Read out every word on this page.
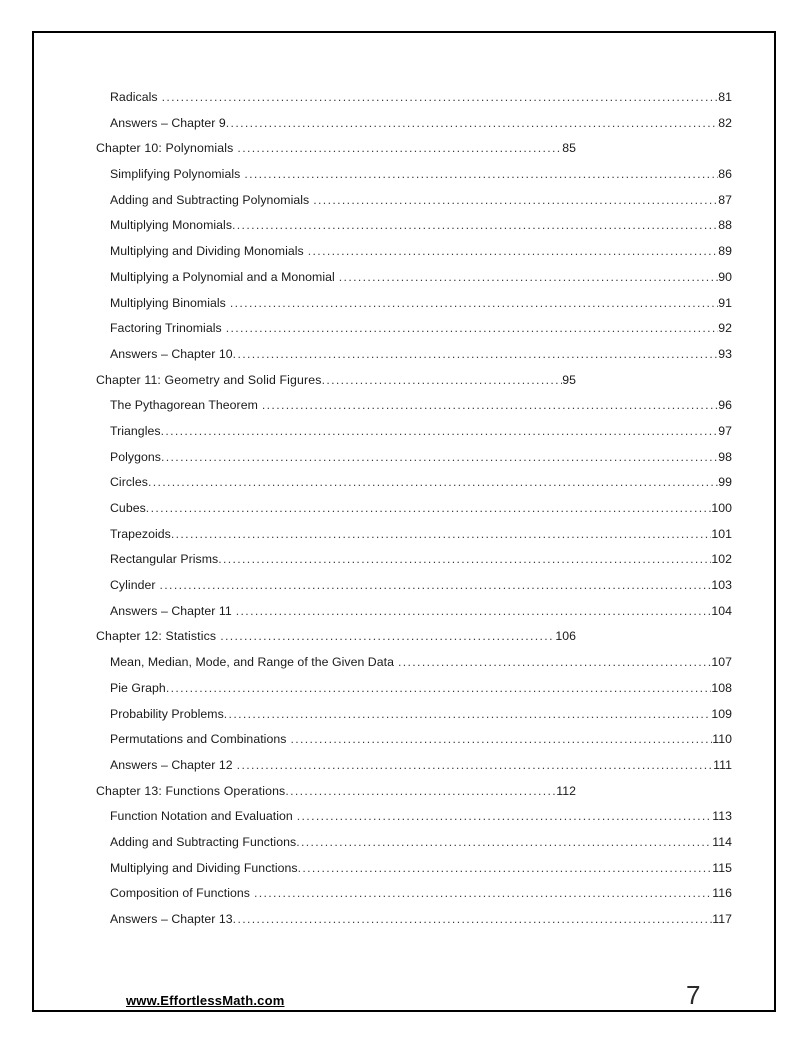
Radicals .....	81
Answers – Chapter 9 .....	82
Chapter 10: Polynomials .....	85
Simplifying Polynomials .....	86
Adding and Subtracting Polynomials .....	87
Multiplying Monomials .....	88
Multiplying and Dividing Monomials .....	89
Multiplying a Polynomial and a Monomial .....	90
Multiplying Binomials .....	91
Factoring Trinomials .....	92
Answers – Chapter 10 .....	93
Chapter 11: Geometry and Solid Figures .....	95
The Pythagorean Theorem .....	96
Triangles .....	97
Polygons .....	98
Circles .....	99
Cubes .....	100
Trapezoids .....	101
Rectangular Prisms .....	102
Cylinder .....	103
Answers – Chapter 11 .....	104
Chapter 12: Statistics .....	106
Mean, Median, Mode, and Range of the Given Data .....	107
Pie Graph .....	108
Probability Problems .....	109
Permutations and Combinations .....	110
Answers – Chapter 12 .....	111
Chapter 13: Functions Operations .....	112
Function Notation and Evaluation .....	113
Adding and Subtracting Functions .....	114
Multiplying and Dividing Functions .....	115
Composition of Functions .....	116
Answers – Chapter 13 .....	117
www.EffortlessMath.com	7
